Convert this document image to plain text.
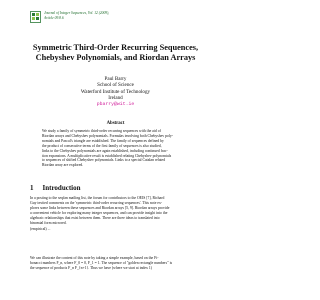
Journal of Integer Sequences, Vol. 12 (2009),
Article 09.8.6
Symmetric Third-Order Recurring Sequences,
Chebyshev Polynomials, and Riordan Arrays
Paul Barry
School of Science
Waterford Institute of Technology
Ireland
pbarry@wit.ie
Abstract
We study a family of symmetric third-order recurring sequences with the aid of
Riordan arrays and Chebyshev polynomials. Formulas involving both Chebyshev poly-
nomials and Pascal's triangle are established. The family of sequences defined by
the product of consecutive terms of the first family of sequences is also studied,
links to the Chebyshev polynomials are again established, including continued frac-
tion expansions. A multiplicative result is established relating Chebyshev polynomials
to sequences of shifted Chebyshev polynomials. Links to a special Catalan related
Riordan array are explored.
1 Introduction
In a posting to the seqfan mailing list, the forum for contributors to the OEIS [7], Richard
Guy invited comments on the 'symmetric third-order recurring sequences'. This note ex-
plores some links between these sequences and Riordan arrays [5, 9]. Riordan arrays provide
a convenient vehicle for exploring many integer sequences, and can provide insight into the
algebraic relationships that exist between them. There are three ideas to translated into
binomial form mirrored.
(empirical) ...
We can illustrate the content of this note by taking a simple example, based on the Fi-
bonacci numbers F_n, where F_0 = 0, F_1 = 1. The sequence of "golden rectangle numbers" is
the sequence of products F_n F_{n+1}. Thus we have (where we start at index 1)
